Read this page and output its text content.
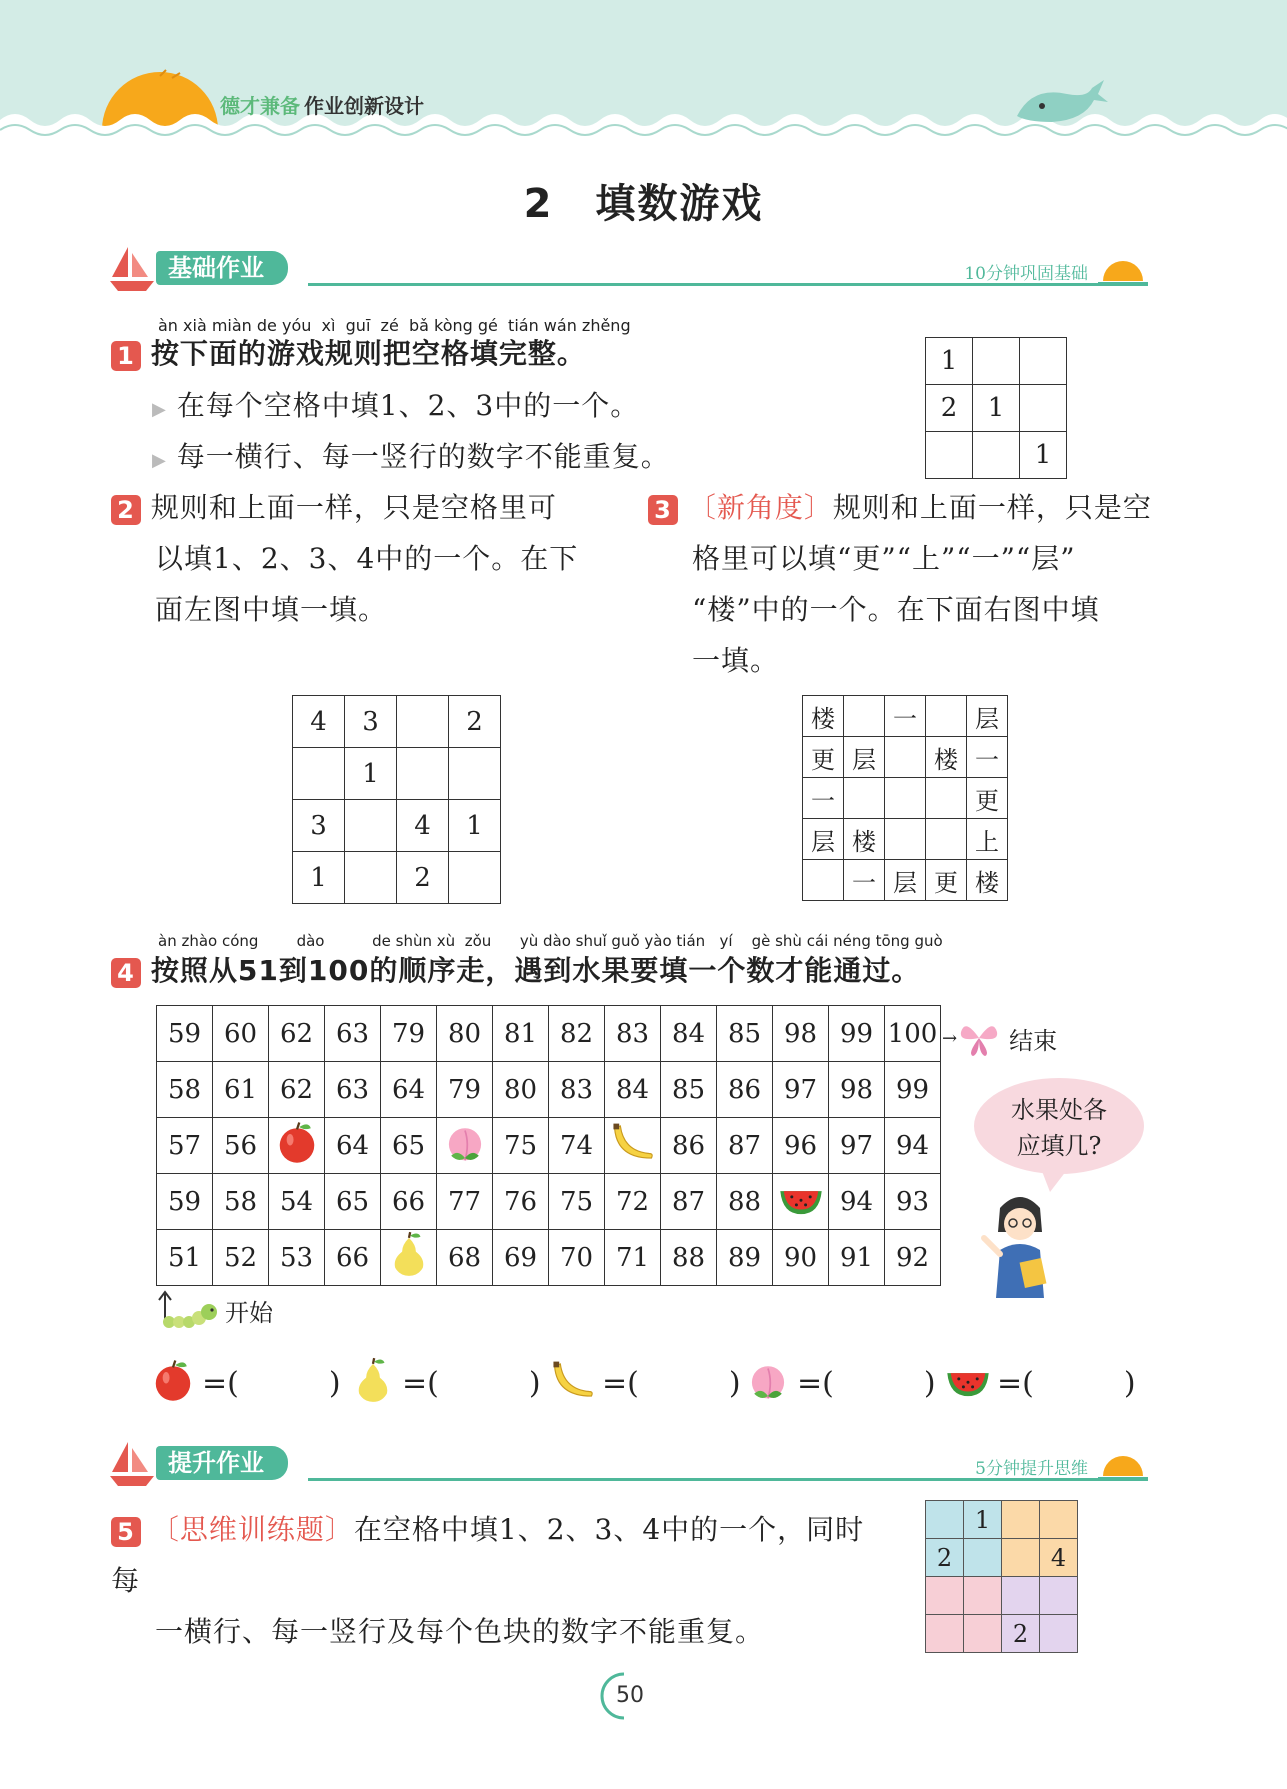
德才兼备 作业创新设计
2　填数游戏
基础作业	10分钟巩固基础
àn xià miàn de yóu  xì  guī  zé  bǎ kòng gé  tián wán zhěng
1 按下面的游戏规则把空格填完整。
▶ 在每个空格中填1、2、3中的一个。
▶ 每一横行、每一竖行的数字不能重复。
1		
2	1	
		1
2 规则和上面一样，只是空格里可
以填1、2、3、4中的一个。在下
面左图中填一填。
3 〔新角度〕规则和上面一样，只是空
格里可以填“更”“上”“一”“层”
“楼”中的一个。在下面右图中填
一填。
4	3		2
	1		
3		4	1
1		2	
楼		一		层
更	层		楼	一
一				更
层	楼			上
	一	层	更	楼
àn zhào cóng        dào          de shùn xù  zǒu      yù dào shuǐ guǒ yào tián   yí    gè shù cái néng tōng guò
4 按照从51到100的顺序走，遇到水果要填一个数才能通过。
59	60	62	63	79	80	81	82	83	84	85	98	99	100
58	61	62	63	64	79	80	83	84	85	86	97	98	99
57	56		64	65		75	74		86	87	96	97	94
59	58	54	65	66	77	76	75	72	87	88		94	93
51	52	53	66		68	69	70	71	88	89	90	91	92
→ 结束
开始
水果处各
应填几?
=(　　　) =(　　　) =(　　　) =(　　　) =(　　　)
提升作业	5分钟提升思维
5 〔思维训练题〕在空格中填1、2、3、4中的一个，同时每
一横行、每一竖行及每个色块的数字不能重复。
	1		
2			4

		2	
50
